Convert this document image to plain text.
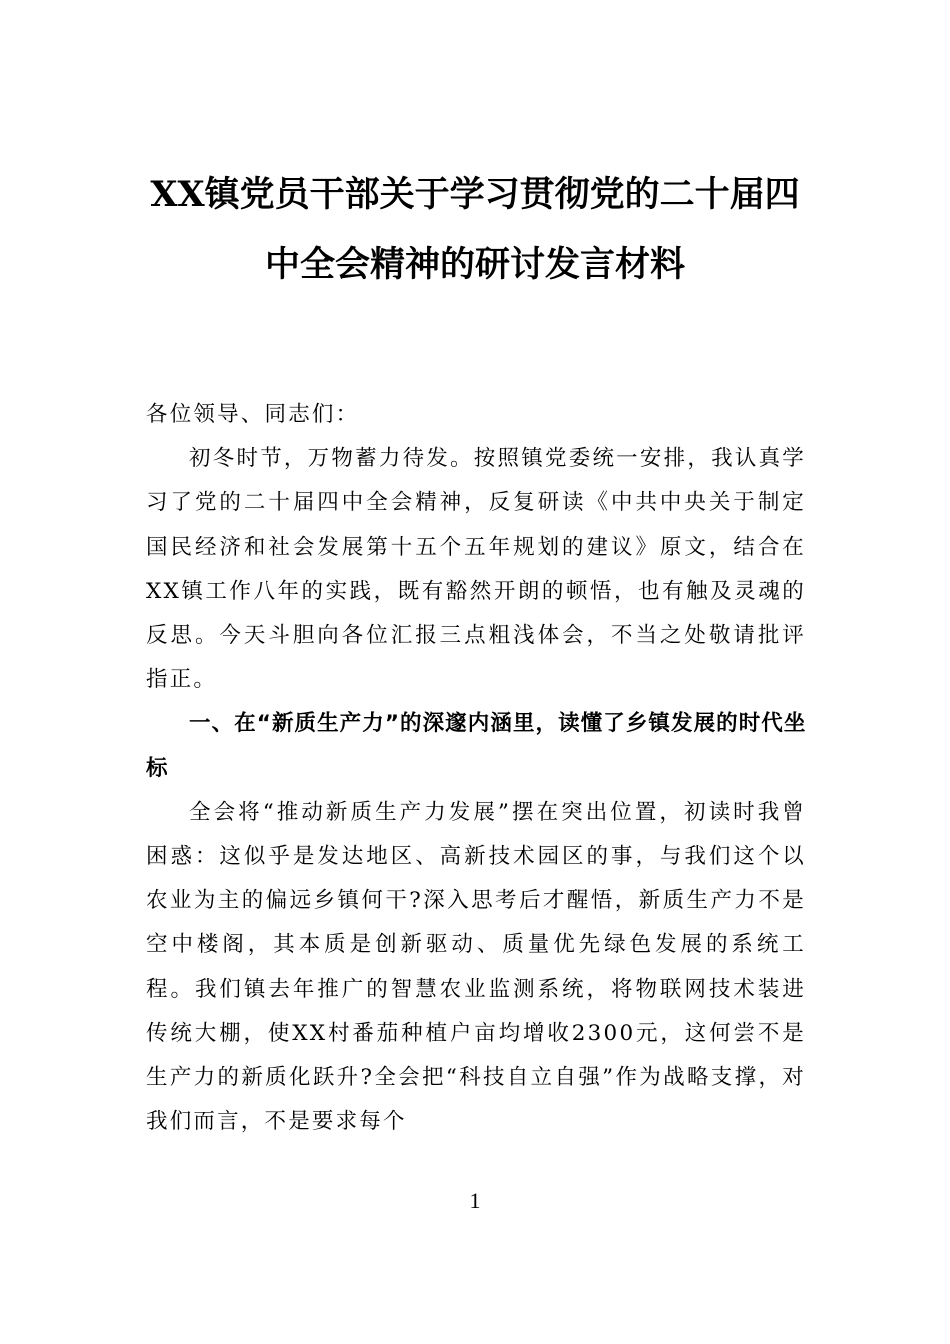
XX镇党员干部关于学习贯彻党的二十届四
中全会精神的研讨发言材料

各位领导、同志们：

初冬时节，万物蓄力待发。按照镇党委统一安排，我认真学习了党的二十届四中全会精神，反复研读《中共中央关于制定国民经济和社会发展第十五个五年规划的建议》原文，结合在XX镇工作八年的实践，既有豁然开朗的顿悟，也有触及灵魂的反思。今天斗胆向各位汇报三点粗浅体会，不当之处敬请批评指正。

一、在“新质生产力”的深邃内涵里，读懂了乡镇发展的时代坐标

全会将“推动新质生产力发展”摆在突出位置，初读时我曾困惑：这似乎是发达地区、高新技术园区的事，与我们这个以农业为主的偏远乡镇何干?深入思考后才醒悟，新质生产力不是空中楼阁，其本质是创新驱动、质量优先绿色发展的系统工程。我们镇去年推广的智慧农业监测系统，将物联网技术装进传统大棚，使XX村番茄种植户亩均增收2300元，这何尝不是生产力的新质化跃升?全会把“科技自立自强”作为战略支撑，对我们而言，不是要求每个

1
